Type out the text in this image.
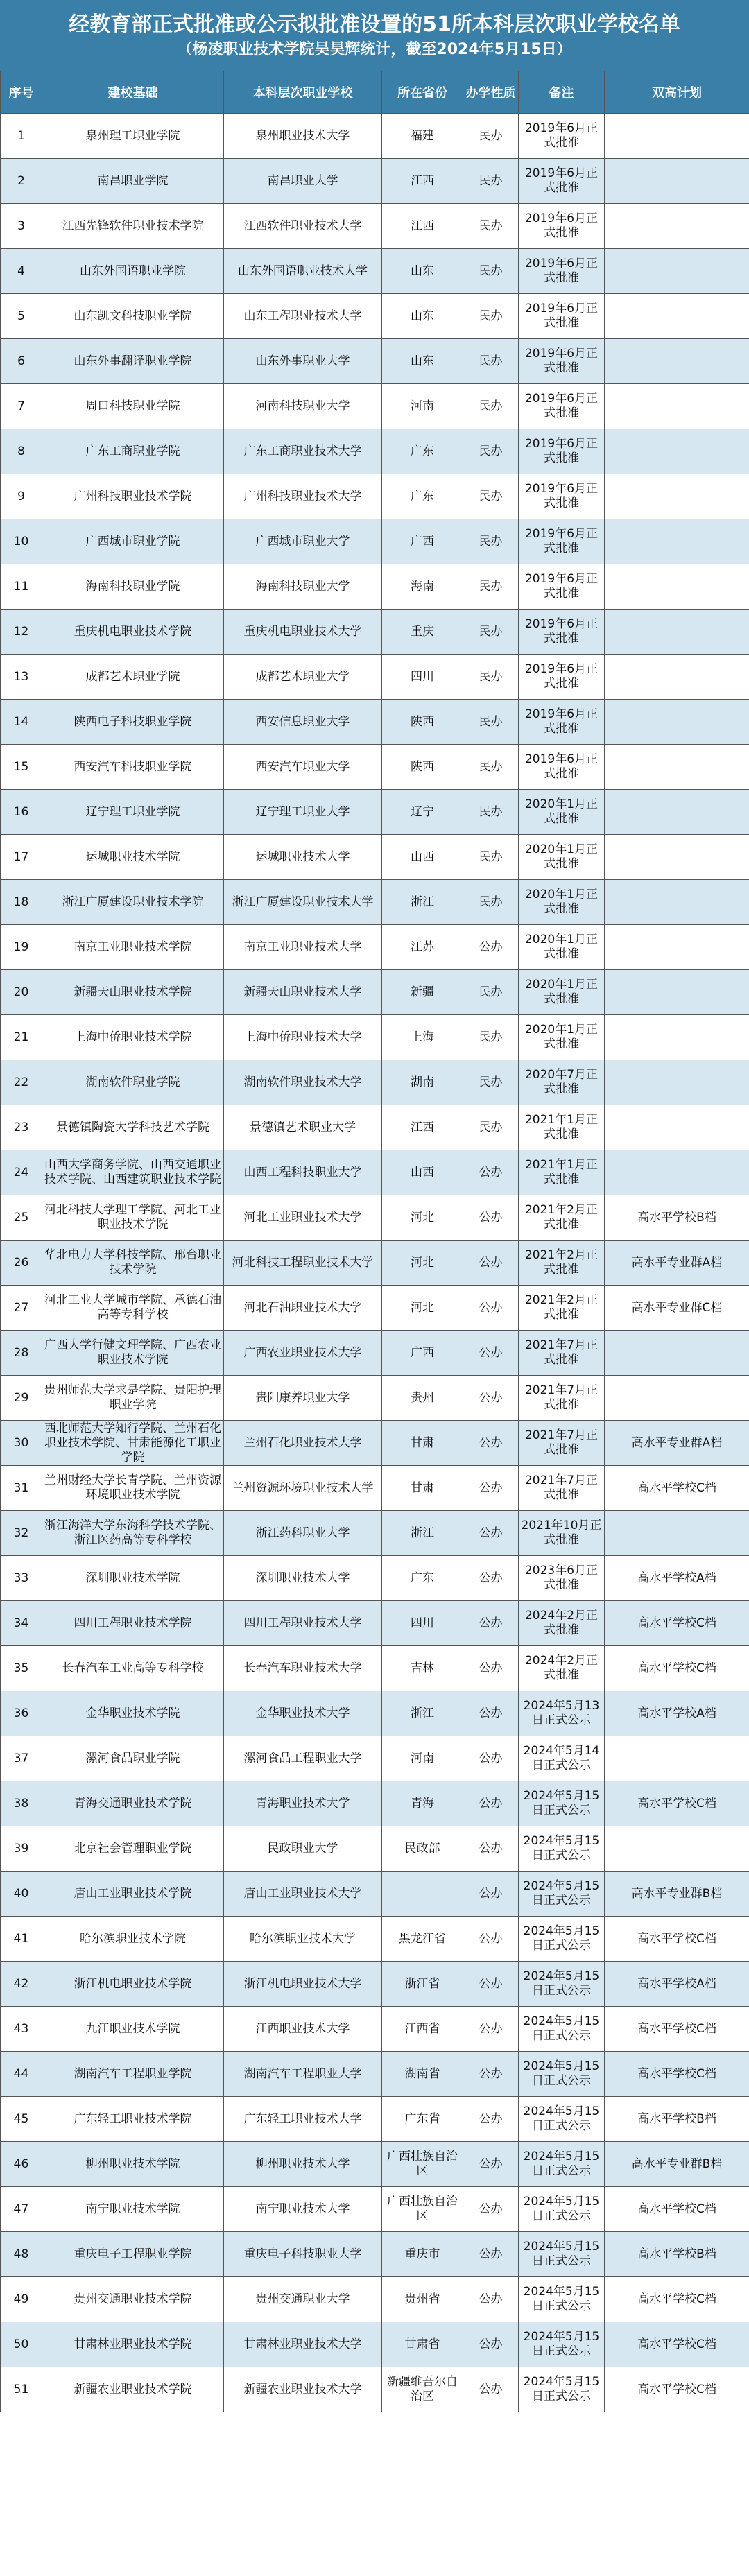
经教育部正式批准或公示拟批准设置的51所本科层次职业学校名单
（杨凌职业技术学院吴昊辉统计，截至2024年5月15日）
序号	建校基础	本科层次职业学校	所在省份	办学性质	备注	双高计划
1	泉州理工职业学院	泉州职业技术大学	福建	民办	2019年6月正式批准	
2	南昌职业学院	南昌职业大学	江西	民办	2019年6月正式批准	
3	江西先锋软件职业技术学院	江西软件职业技术大学	江西	民办	2019年6月正式批准	
4	山东外国语职业学院	山东外国语职业技术大学	山东	民办	2019年6月正式批准	
5	山东凯文科技职业学院	山东工程职业技术大学	山东	民办	2019年6月正式批准	
6	山东外事翻译职业学院	山东外事职业大学	山东	民办	2019年6月正式批准	
7	周口科技职业学院	河南科技职业大学	河南	民办	2019年6月正式批准	
8	广东工商职业学院	广东工商职业技术大学	广东	民办	2019年6月正式批准	
9	广州科技职业技术学院	广州科技职业技术大学	广东	民办	2019年6月正式批准	
10	广西城市职业学院	广西城市职业大学	广西	民办	2019年6月正式批准	
11	海南科技职业学院	海南科技职业大学	海南	民办	2019年6月正式批准	
12	重庆机电职业技术学院	重庆机电职业技术大学	重庆	民办	2019年6月正式批准	
13	成都艺术职业学院	成都艺术职业大学	四川	民办	2019年6月正式批准	
14	陕西电子科技职业学院	西安信息职业大学	陕西	民办	2019年6月正式批准	
15	西安汽车科技职业学院	西安汽车职业大学	陕西	民办	2019年6月正式批准	
16	辽宁理工职业学院	辽宁理工职业大学	辽宁	民办	2020年1月正式批准	
17	运城职业技术学院	运城职业技术大学	山西	民办	2020年1月正式批准	
18	浙江广厦建设职业技术学院	浙江广厦建设职业技术大学	浙江	民办	2020年1月正式批准	
19	南京工业职业技术学院	南京工业职业技术大学	江苏	公办	2020年1月正式批准	
20	新疆天山职业技术学院	新疆天山职业技术大学	新疆	民办	2020年1月正式批准	
21	上海中侨职业技术学院	上海中侨职业技术大学	上海	民办	2020年1月正式批准	
22	湖南软件职业学院	湖南软件职业技术大学	湖南	民办	2020年7月正式批准	
23	景德镇陶瓷大学科技艺术学院	景德镇艺术职业大学	江西	民办	2021年1月正式批准	
24	山西大学商务学院、山西交通职业技术学院、山西建筑职业技术学院	山西工程科技职业大学	山西	公办	2021年1月正式批准	
25	河北科技大学理工学院、河北工业职业技术学院	河北工业职业技术大学	河北	公办	2021年2月正式批准	高水平学校B档
26	华北电力大学科技学院、邢台职业技术学院	河北科技工程职业技术大学	河北	公办	2021年2月正式批准	高水平专业群A档
27	河北工业大学城市学院、承德石油高等专科学校	河北石油职业技术大学	河北	公办	2021年2月正式批准	高水平专业群C档
28	广西大学行健文理学院、广西农业职业技术学院	广西农业职业技术大学	广西	公办	2021年7月正式批准	
29	贵州师范大学求是学院、贵阳护理职业学院	贵阳康养职业大学	贵州	公办	2021年7月正式批准	
30	西北师范大学知行学院、兰州石化职业技术学院、甘肃能源化工职业学院	兰州石化职业技术大学	甘肃	公办	2021年7月正式批准	高水平专业群A档
31	兰州财经大学长青学院、兰州资源环境职业技术学院	兰州资源环境职业技术大学	甘肃	公办	2021年7月正式批准	高水平学校C档
32	浙江海洋大学东海科学技术学院、浙江医药高等专科学校	浙江药科职业大学	浙江	公办	2021年10月正式批准	
33	深圳职业技术学院	深圳职业技术大学	广东	公办	2023年6月正式批准	高水平学校A档
34	四川工程职业技术学院	四川工程职业技术大学	四川	公办	2024年2月正式批准	高水平学校C档
35	长春汽车工业高等专科学校	长春汽车职业技术大学	吉林	公办	2024年2月正式批准	高水平学校C档
36	金华职业技术学院	金华职业技术大学	浙江	公办	2024年5月13日正式公示	高水平学校A档
37	漯河食品职业学院	漯河食品工程职业大学	河南	公办	2024年5月14日正式公示	
38	青海交通职业技术学院	青海职业技术大学	青海	公办	2024年5月15日正式公示	高水平学校C档
39	北京社会管理职业学院	民政职业大学	民政部	公办	2024年5月15日正式公示	
40	唐山工业职业技术学院	唐山工业职业技术大学		公办	2024年5月15日正式公示	高水平专业群B档
41	哈尔滨职业技术学院	哈尔滨职业技术大学	黑龙江省	公办	2024年5月15日正式公示	高水平学校C档
42	浙江机电职业技术学院	浙江机电职业技术大学	浙江省	公办	2024年5月15日正式公示	高水平学校A档
43	九江职业技术学院	江西职业技术大学	江西省	公办	2024年5月15日正式公示	高水平学校C档
44	湖南汽车工程职业学院	湖南汽车工程职业大学	湖南省	公办	2024年5月15日正式公示	高水平学校C档
45	广东轻工职业技术学院	广东轻工职业技术大学	广东省	公办	2024年5月15日正式公示	高水平学校B档
46	柳州职业技术学院	柳州职业技术大学	广西壮族自治区	公办	2024年5月15日正式公示	高水平专业群B档
47	南宁职业技术学院	南宁职业技术大学	广西壮族自治区	公办	2024年5月15日正式公示	高水平学校C档
48	重庆电子工程职业学院	重庆电子科技职业大学	重庆市	公办	2024年5月15日正式公示	高水平学校B档
49	贵州交通职业技术学院	贵州交通职业大学	贵州省	公办	2024年5月15日正式公示	高水平学校C档
50	甘肃林业职业技术学院	甘肃林业职业技术大学	甘肃省	公办	2024年5月15日正式公示	高水平学校C档
51	新疆农业职业技术学院	新疆农业职业技术大学	新疆维吾尔自治区	公办	2024年5月15日正式公示	高水平学校C档
